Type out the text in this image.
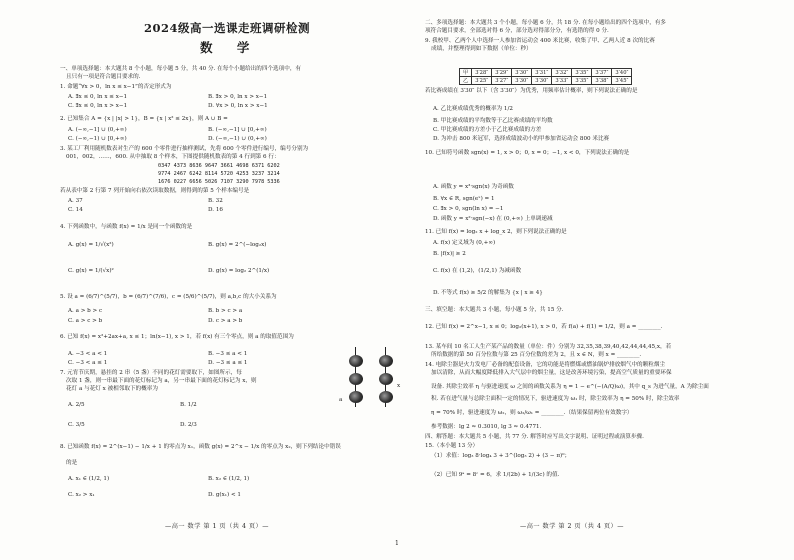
2024级高一选课走班调研检测
数 学
一、单项选择题：本大题共 8 个小题，每小题 5 分，共 40 分. 在每个小题给出的四个选项中，有
且只有一项是符合题目要求的.
1. 命题“∀x > 0，ln x ≤ x−1”的否定形式为
A. ∃x ≤ 0, ln x ≤ x−1	B. ∃x > 0, ln x > x−1
C. ∃x ≤ 0, ln x > x−1	D. ∀x > 0, ln x > x−1
2. 已知集合 A = {x | |x| > 1}，B = {x | x² ≤ 2x}，则 A ∪ B =
A. (−∞,−1] ∪ (0,+∞)	B. (−∞,−1] ∪ [0,+∞)
C. (−∞,−1) ∪ [0,+∞)	D. (−∞,−1) ∪ (0,+∞)
3. 某工厂利用随机数表对生产的 600 个零件进行抽样测试，先将 600 个零件进行编号，编号分别为
001，002，……，600. 从中抽取 8 个样本，下图提供随机数表的第 4 行到第 6 行：
若从表中第 2 行第 7 列开始向右依次读取数据，则得到的第 5 个样本编号是
A. 37	B. 32
C. 14	D. 16
4. 下列函数中，与函数 f(x) = 1/x 是同一个函数的是
A. g(x) = 1/√(x²)	B. g(x) = 2^(−log₂x)
C. g(x) = 1/(√x)²	D. g(x) = log₂ 2^(1/x)
5. 设 a = (6/7)^(5/7)，b = (6/7)^(7/6)，c = (5/6)^(5/7)，则 a,b,c 的大小关系为
A. a > b > c	B. b > c > a
C. a > c > b	D. c > a > b
6. 已知 f(x) = x²+2ax+a, x ≤ 1；ln(x−1), x > 1，若 f(x) 有三个零点，则 a 的取值范围为
A. −3 < a < 1	B. −3 ≤ a < 1
C. −3 < a ≤ 1	D. −3 ≤ a ≤ 1
7. 元宵节庆期，悬挂的 2 串（5 盏）不同的花灯需要取下，如图所示，每
次取 1 盏，则一串最下面的花灯标记为 a，另一串最下面的花灯标记为 x，则
花灯 a 与花灯 x 被相邻取下的概率为
A. 2/5	B. 1/2
C. 3/5	D. 2/3
8. 已知函数 f(x) = 2^(x−1) − 1/x + 1 的零点为 x₁，函数 g(x) = 2^x − 1/x 的零点为 x₂，则下列结论中错误
的是
A. x₁ ∈ (1/2, 1)	B. x₂ ∈ (1/2, 1)
C. x₂ > x₁	D. g(x₁) < 1
0347 4373 8636 9647 3661 4698 6371 6202
9774 2467 6242 8114 5720 4253 3237 3214
1676 0227 6656 5026 7107 3290 7978 5336
a
x
—高一 数学 第 1 页（共 4 页）—
二、多项选择题：本大题共 3 个小题，每小题 6 分，共 18 分. 在每小题给出的四个选项中，有多
项符合题目要求，全部选对得 6 分，部分选对得部分分，有选错的得 0 分.
9. 我校甲、乙两个人中选择一人参加省运动会 400 米比赛，收集了甲、乙两人近 8 次的比赛
成绩，并整理得到如下数据（单位：秒）
若比赛成绩在 3′30″ 以下（含 3′30″）为优秀，用频率估计概率，则下列说法正确的是
A. 乙比赛成绩优秀的概率为 1/2
B. 甲比赛成绩的平均数等于乙比赛成绩的平均数
C. 甲比赛成绩的方差小于乙比赛成绩的方差
D. 为冲击 800 米冠军，选择成绩波动小的甲参加省运动会 800 米比赛
10. 已知符号函数 sgn(x) = 1, x > 0；0, x = 0；−1, x < 0，下列说法正确的是
A. 函数 y = x³·sgn(x) 为奇函数
B. ∀x ∈ R, sgn(eˣ) = 1
C. ∃x > 0, sgn(ln x) = −1
D. 函数 y = x²·sgn(−x) 在 (0,+∞) 上单调递减
11. 已知 f(x) = log₂ x + log_x 2，则下列说法正确的是
A. f(x) 定义域为 (0,+∞)
B. |f(x)| ≥ 2
C. f(x) 在 (1,2)，(1/2,1) 为减函数
D. 不等式 f(x) ≥ 5/2 的解集为 {x | x ≥ 4}
三、填空题：本大题共 3 小题，每小题 5 分，共 15 分.
12. 已知 f(x) = 2^x−1, x ≤ 0；log₂(x+1), x > 0，若 f(a) + f(1) = 1/2，则 a = ________.
13. 某车间 10 名工人生产某产品的数量（单位：件）分别为 32,35,38,39,40,42,44,44,45,x，若
所给数据的第 50 百分位数与第 25 百分位数的差为 2，且 x ∈ N，则 x = ________.
14. 电除尘器是火力发电厂必备的配套设备，它的功能是将燃煤或燃油锅炉排放烟气中的颗粒烟尘
加以清除，从而大幅度降低排入大气层中的烟尘量，这是改善环境污染，提高空气质量的重要环保
设备. 其除尘效率 η 与驱进速度 ω 之间的函数关系为 η = 1 − e^(−(A/Q)ω)，其中 q_s 为进气量，A 为除尘面
积. 若在进气量与总除尘面积一定的情况下，驱进速度为 ω₁ 时，除尘效率为 η = 50% 时，除尘效率
η = 70% 时，驱进速度为 ω₂，则 ω₂/ω₁ = ________.（结果保留两位有效数字）
参考数据：lg 2 ≈ 0.3010, lg 3 ≈ 0.4771.
四、解答题：本大题共 5 小题，共 77 分. 解答时应写出文字说明、证明过程或演算步骤.
15.（本小题 13 分）
（1）求值：log₃ 8·log₄ 3 + 3^(log₃ 2) + (3 − π)⁰；
（2）已知 9ᵃ = 8ᶜ = 6，求 1/(2b) + 1/(3c) 的值.
甲	3′28″	3′29″	3′30″	3′31″	3′32″	3′35″	3′37″	3′40″
乙	3′25″	3′27″	3′30″	3′30″	3′33″	3′35″	3′38″	3′45″
—高一 数学 第 2 页（共 4 页）—
1
